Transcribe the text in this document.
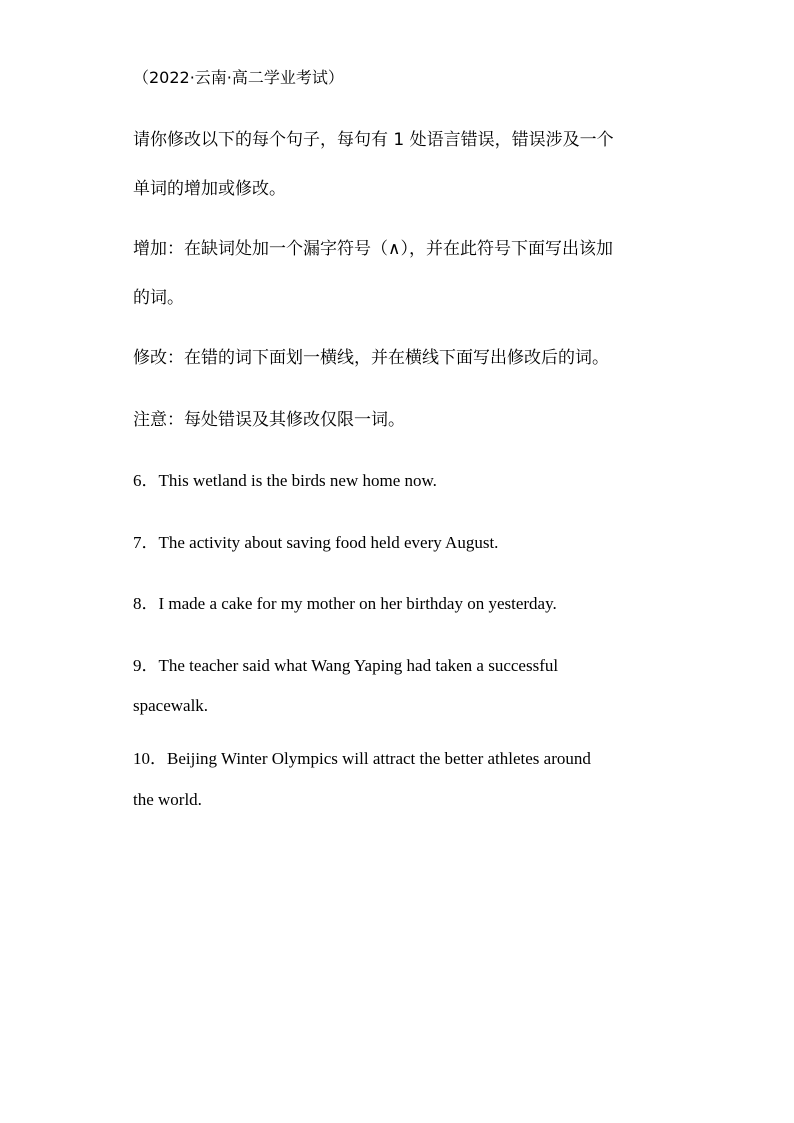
（2022·云南·高二学业考试）
请你修改以下的每个句子，每句有 1 处语言错误，错误涉及一个
单词的增加或修改。
增加：在缺词处加一个漏字符号（∧），并在此符号下面写出该加
的词。
修改：在错的词下面划一横线，并在横线下面写出修改后的词。
注意：每处错误及其修改仅限一词。
6．This wetland is the birds new home now.
7．The activity about saving food held every August.
8．I made a cake for my mother on her birthday on yesterday.
9．The teacher said what Wang Yaping had taken a successful
spacewalk.
10．Beijing Winter Olympics will attract the better athletes around
the world.
